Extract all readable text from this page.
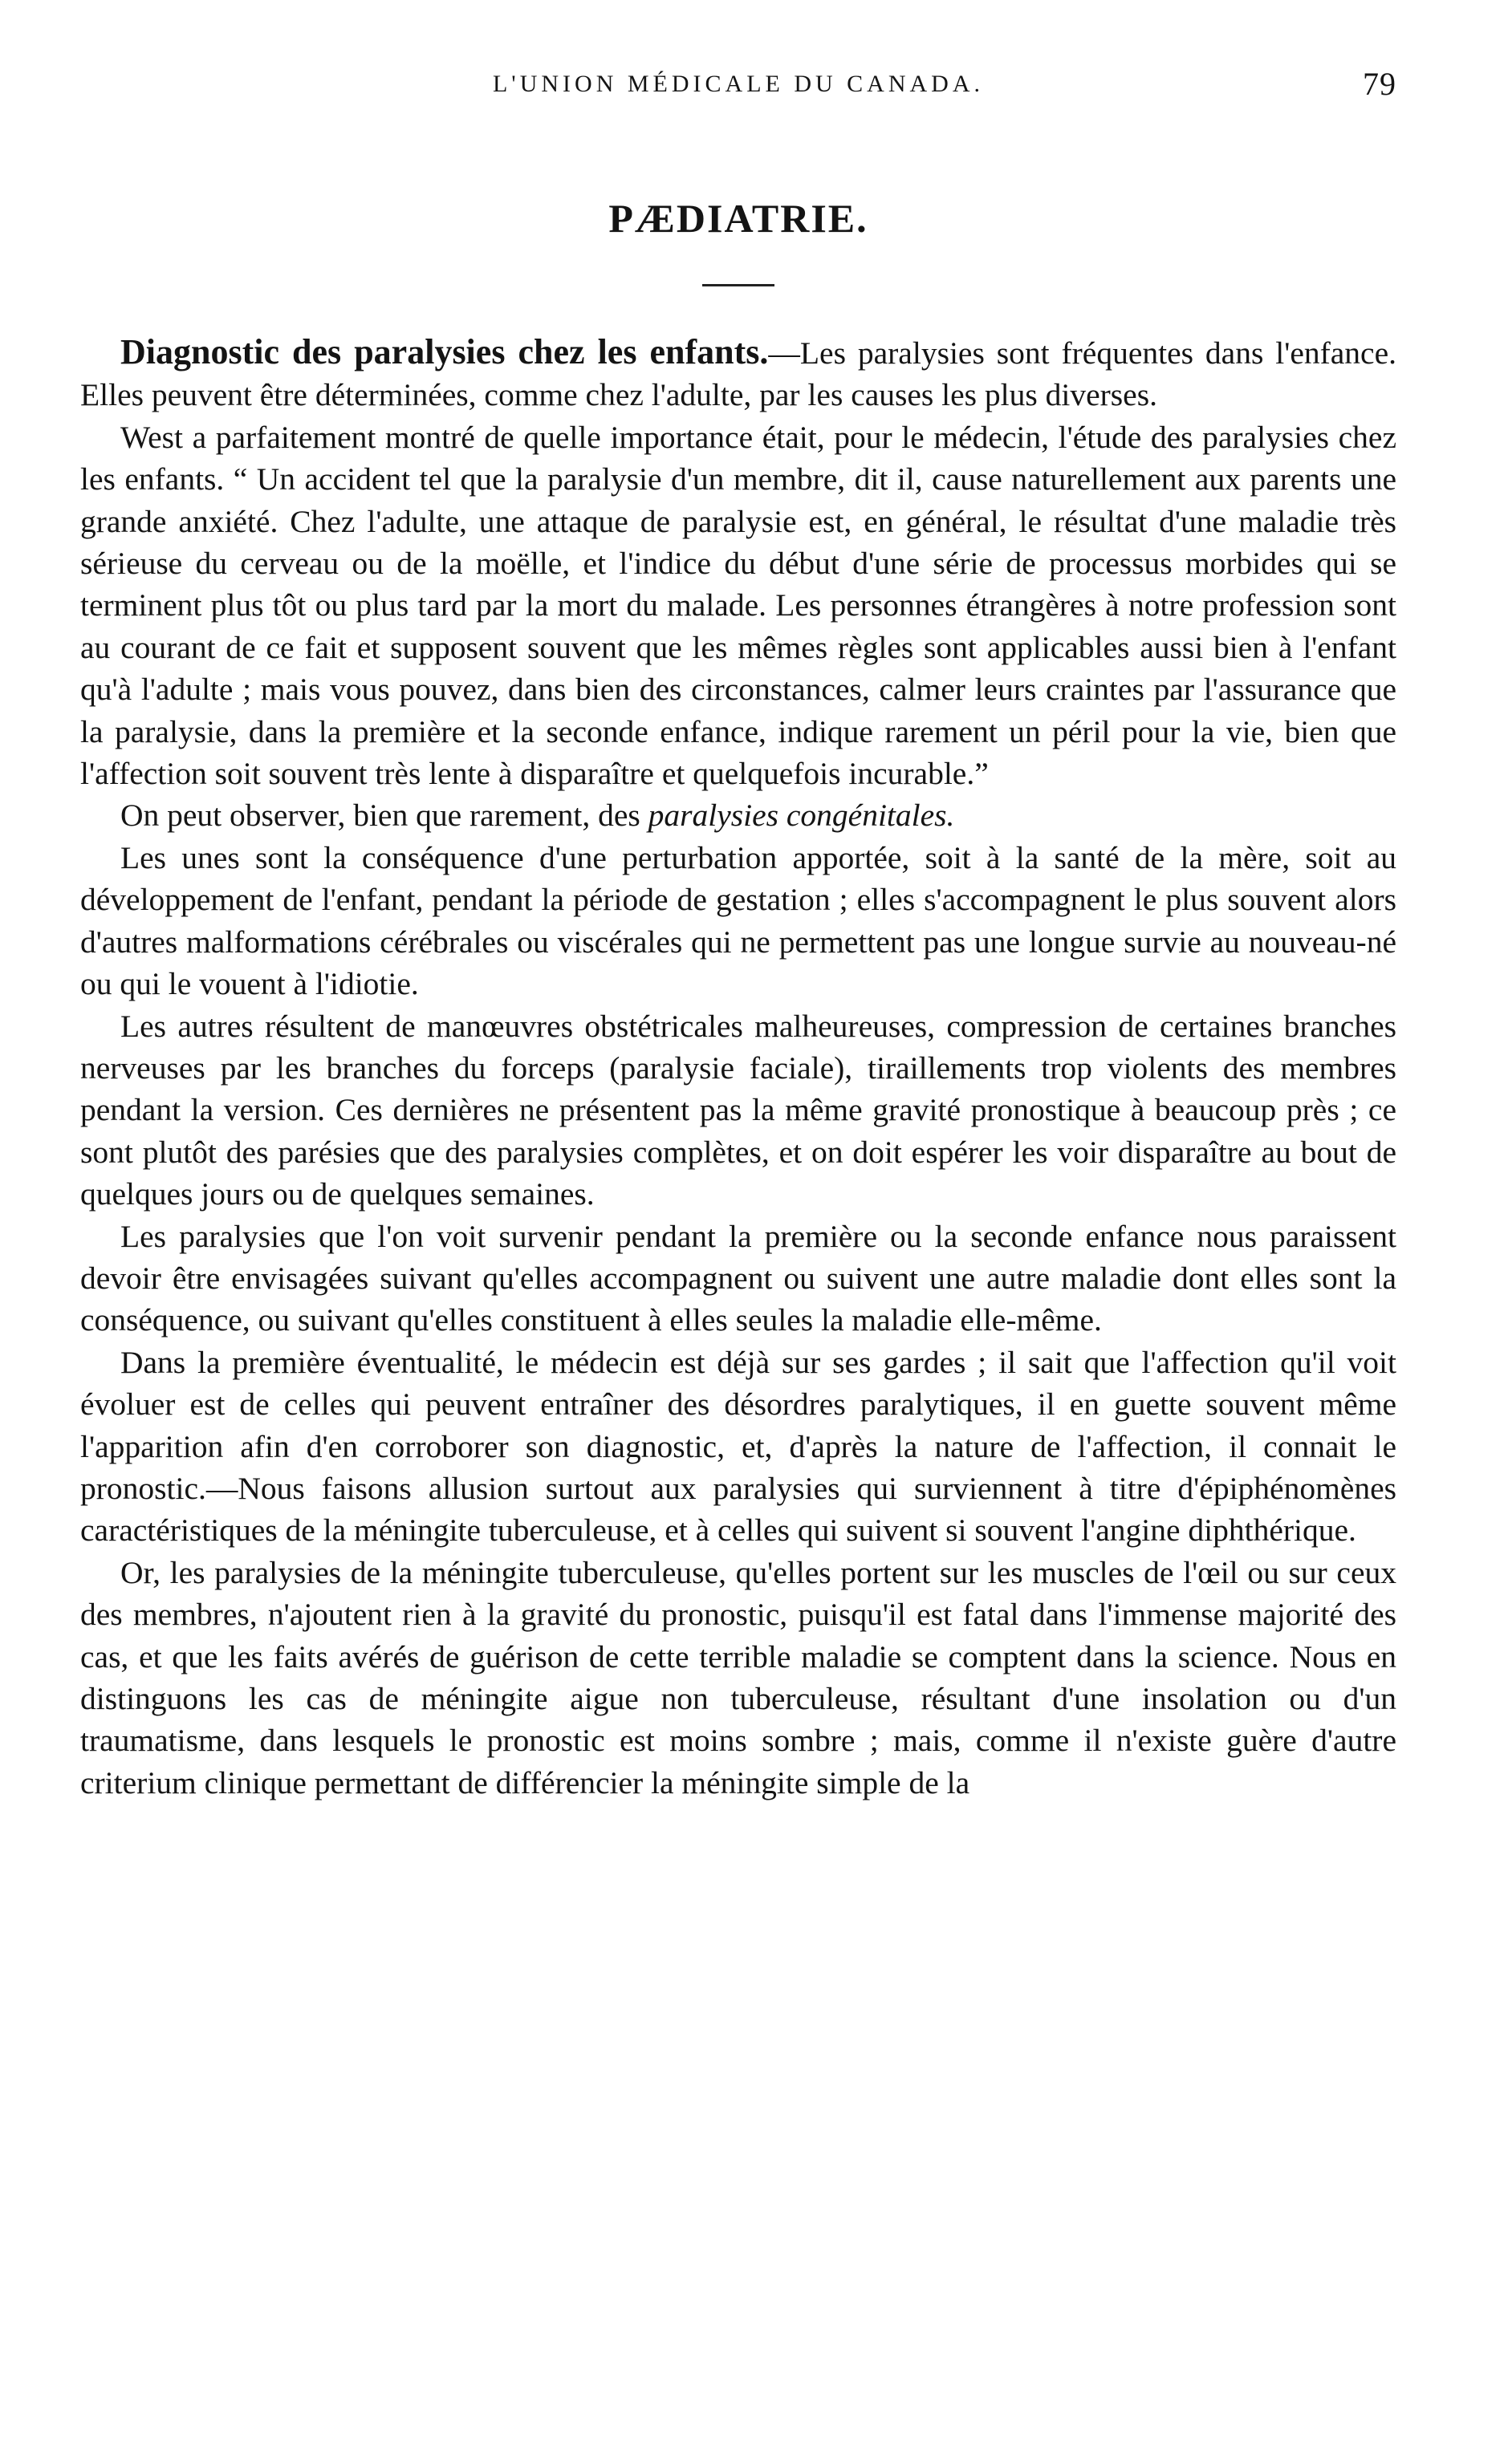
L'UNION MÉDICALE DU CANADA.	79
PÆDIATRIE.

Diagnostic des paralysies chez les enfants.—Les paralysies sont fréquentes dans l'enfance. Elles peuvent être déterminées, comme chez l'adulte, par les causes les plus diverses.

West a parfaitement montré de quelle importance était, pour le médecin, l'étude des paralysies chez les enfants. “ Un accident tel que la paralysie d'un membre, dit il, cause naturellement aux parents une grande anxiété. Chez l'adulte, une attaque de paralysie est, en général, le résultat d'une maladie très sérieuse du cerveau ou de la moëlle, et l'indice du début d'une série de processus morbides qui se terminent plus tôt ou plus tard par la mort du malade. Les personnes étrangères à notre profession sont au courant de ce fait et supposent souvent que les mêmes règles sont applicables aussi bien à l'enfant qu'à l'adulte ; mais vous pouvez, dans bien des circonstances, calmer leurs craintes par l'assurance que la paralysie, dans la première et la seconde enfance, indique rarement un péril pour la vie, bien que l'affection soit souvent très lente à disparaître et quelquefois incurable.”

On peut observer, bien que rarement, des paralysies congénitales.

Les unes sont la conséquence d'une perturbation apportée, soit à la santé de la mère, soit au développement de l'enfant, pendant la période de gestation ; elles s'accompagnent le plus souvent alors d'autres malformations cérébrales ou viscérales qui ne permettent pas une longue survie au nouveau-né ou qui le vouent à l'idiotie.

Les autres résultent de manœuvres obstétricales malheureuses, compression de certaines branches nerveuses par les branches du forceps (paralysie faciale), tiraillements trop violents des membres pendant la version. Ces dernières ne présentent pas la même gravité pronostique à beaucoup près ; ce sont plutôt des parésies que des paralysies complètes, et on doit espérer les voir disparaître au bout de quelques jours ou de quelques semaines.

Les paralysies que l'on voit survenir pendant la première ou la seconde enfance nous paraissent devoir être envisagées suivant qu'elles accompagnent ou suivent une autre maladie dont elles sont la conséquence, ou suivant qu'elles constituent à elles seules la maladie elle-même.

Dans la première éventualité, le médecin est déjà sur ses gardes ; il sait que l'affection qu'il voit évoluer est de celles qui peuvent entraîner des désordres paralytiques, il en guette souvent même l'apparition afin d'en corroborer son diagnostic, et, d'après la nature de l'affection, il connait le pronostic.—Nous faisons allusion surtout aux paralysies qui surviennent à titre d'épiphénomènes caractéristiques de la méningite tuberculeuse, et à celles qui suivent si souvent l'angine diphthérique.

Or, les paralysies de la méningite tuberculeuse, qu'elles portent sur les muscles de l'œil ou sur ceux des membres, n'ajoutent rien à la gravité du pronostic, puisqu'il est fatal dans l'immense majorité des cas, et que les faits avérés de guérison de cette terrible maladie se comptent dans la science. Nous en distinguons les cas de méningite aigue non tuberculeuse, résultant d'une insolation ou d'un traumatisme, dans lesquels le pronostic est moins sombre ; mais, comme il n'existe guère d'autre criterium clinique permettant de différencier la méningite simple de la
